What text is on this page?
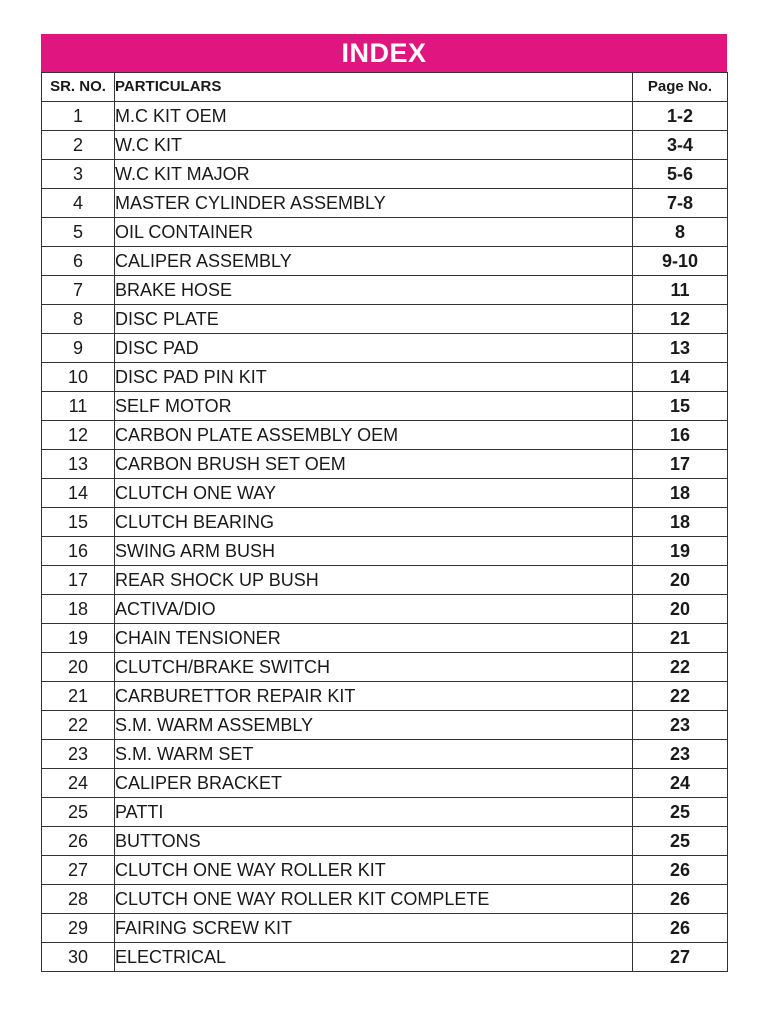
INDEX
SR. NO.	PARTICULARS	Page No.
1	M.C KIT OEM	1-2
2	W.C KIT	3-4
3	W.C KIT MAJOR	5-6
4	MASTER CYLINDER ASSEMBLY	7-8
5	OIL CONTAINER	8
6	CALIPER ASSEMBLY	9-10
7	BRAKE HOSE	11
8	DISC PLATE	12
9	DISC PAD	13
10	DISC PAD PIN KIT	14
11	SELF MOTOR	15
12	CARBON PLATE ASSEMBLY OEM	16
13	CARBON BRUSH SET OEM	17
14	CLUTCH ONE WAY	18
15	CLUTCH BEARING	18
16	SWING ARM BUSH	19
17	REAR SHOCK UP BUSH	20
18	ACTIVA/DIO	20
19	CHAIN TENSIONER	21
20	CLUTCH/BRAKE SWITCH	22
21	CARBURETTOR REPAIR KIT	22
22	S.M. WARM ASSEMBLY	23
23	S.M. WARM SET	23
24	CALIPER BRACKET	24
25	PATTI	25
26	BUTTONS	25
27	CLUTCH ONE WAY ROLLER KIT	26
28	CLUTCH ONE WAY ROLLER KIT COMPLETE	26
29	FAIRING SCREW KIT	26
30	ELECTRICAL	27
